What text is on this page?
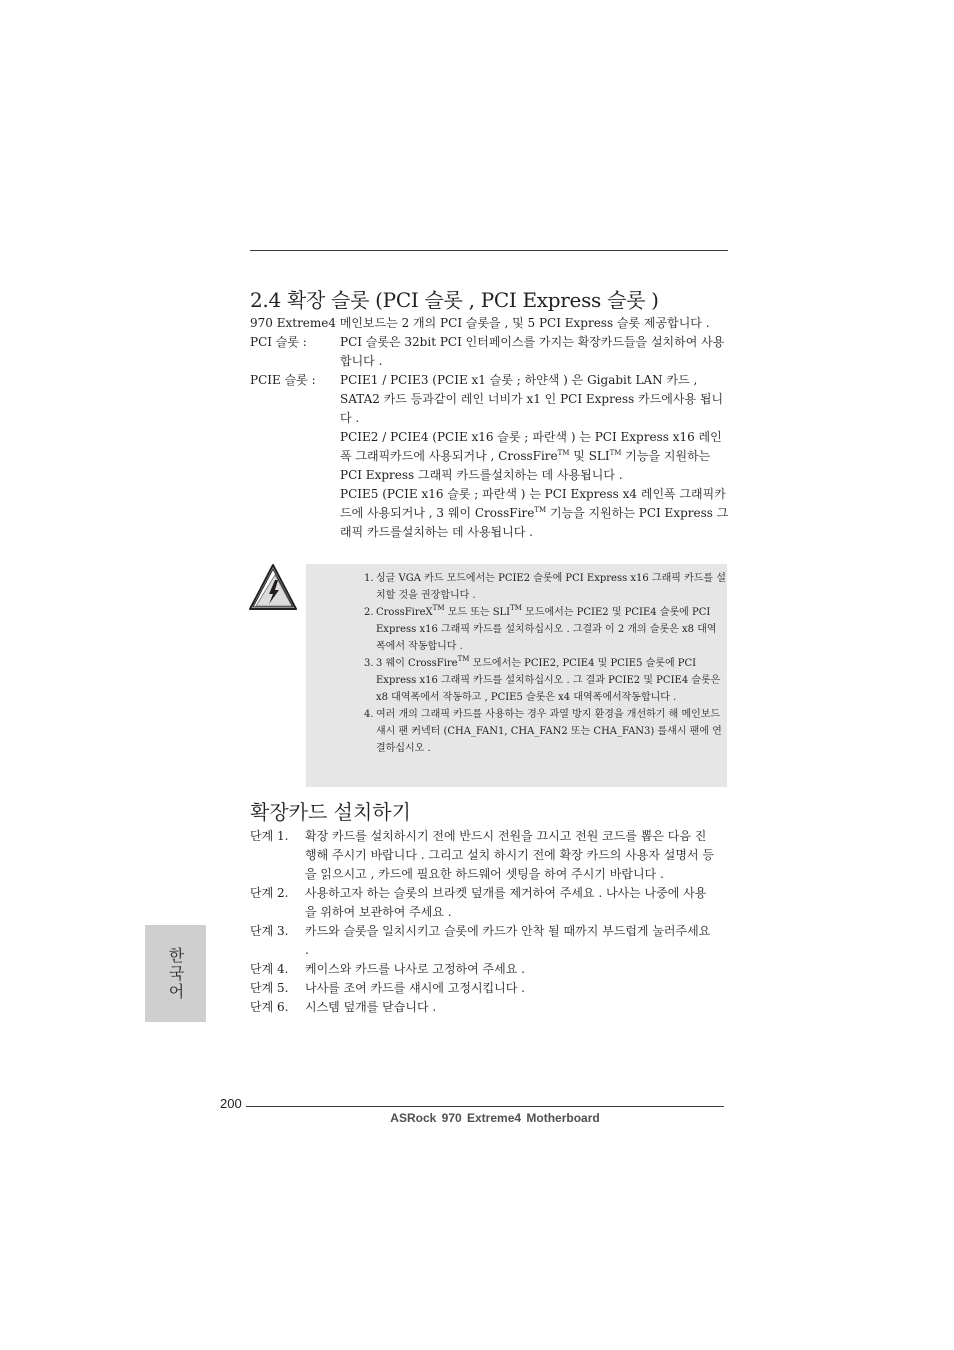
2.4 확장 슬롯 (PCI 슬롯 , PCI Express 슬롯 )
970 Extreme4 메인보드는 2 개의 PCI 슬롯을 , 및 5 PCI Express 슬롯 제공합니다 .
PCI 슬롯 :	PCI 슬롯은 32bit PCI 인터페이스를 가지는 확장카드들을 설치하여 사용 합니다 .

PCIE 슬롯 : PCIE1 / PCIE3 (PCIE x1 슬롯 ; 하얀색 ) 은 Gigabit LAN 카드 , SATA2 카드 등과같이 레인 너비가 x1 인 PCI Express 카드에사용 됩니다 .

PCIE2 / PCIE4 (PCIE x16 슬롯 ; 파란색 ) 는 PCI Express x16 레인폭 그래픽카드에 사용되거나 , CrossFire™ 및 SLI™ 기능을 지원하는 PCI Express 그래픽 카드를설치하는 데 사용됩니다 .

PCIE5 (PCIE x16 슬롯 ; 파란색 ) 는 PCI Express x4 레인폭 그래픽카드에 사용되거나 , 3 웨이 CrossFire™ 기능을 지원하는 PCI Express 그래픽 카드를설치하는 데 사용됩니다 .

1. 싱글 VGA 카드 모드에서는 PCIE2 슬롯에 PCI Express x16 그래픽 카드를 설치할 것을 권장합니다 .
2. CrossFireX™ 모드 또는 SLI™ 모드에서는 PCIE2 및 PCIE4 슬롯에 PCI Express x16 그래픽 카드를 설치하십시오 . 그결과 이 2 개의 슬롯은 x8 대역폭에서 작동합니다 .
3. 3 웨이 CrossFire™ 모드에서는 PCIE2, PCIE4 및 PCIE5 슬롯에 PCI Express x16 그래픽 카드를 설치하십시오 . 그 결과 PCIE2 및 PCIE4 슬롯은 x8 대역폭에서 작동하고 , PCIE5 슬롯은 x4 대역폭에서작동합니다 .
4. 여러 개의 그래픽 카드를 사용하는 경우 과열 방지 환경을 개선하기 해 메인보드 섀시 팬 커넥터 (CHA_FAN1, CHA_FAN2 또는 CHA_FAN3) 를섀시 팬에 연결하십시오 .
확장카드 설치하기
단계 1. 확장 카드를 설치하시기 전에 반드시 전원을 끄시고 전원 코드를 뽑은 다음 진행해 주시기 바랍니다 . 그리고 설치 하시기 전에 확장 카드의 사용자 설명서 등을 읽으시고 , 카드에 필요한 하드웨어 셋팅을 하여 주시기 바랍니다 .
단계 2. 사용하고자 하는 슬롯의 브라켓 덮개를 제거하여 주세요 . 나사는 나중에 사용을 위하여 보관하여 주세요 .
단계 3. 카드와 슬롯을 일치시키고 슬롯에 카드가 안착 될 때까지 부드럽게 눌러주세요 .
단계 4. 케이스와 카드를 나사로 고정하여 주세요 .
단계 5. 나사를 조여 카드를 섀시에 고정시킵니다 .
단계 6. 시스템 덮개를 닫습니다 .
한국어
200
ASRock 970 Extreme4 Motherboard
